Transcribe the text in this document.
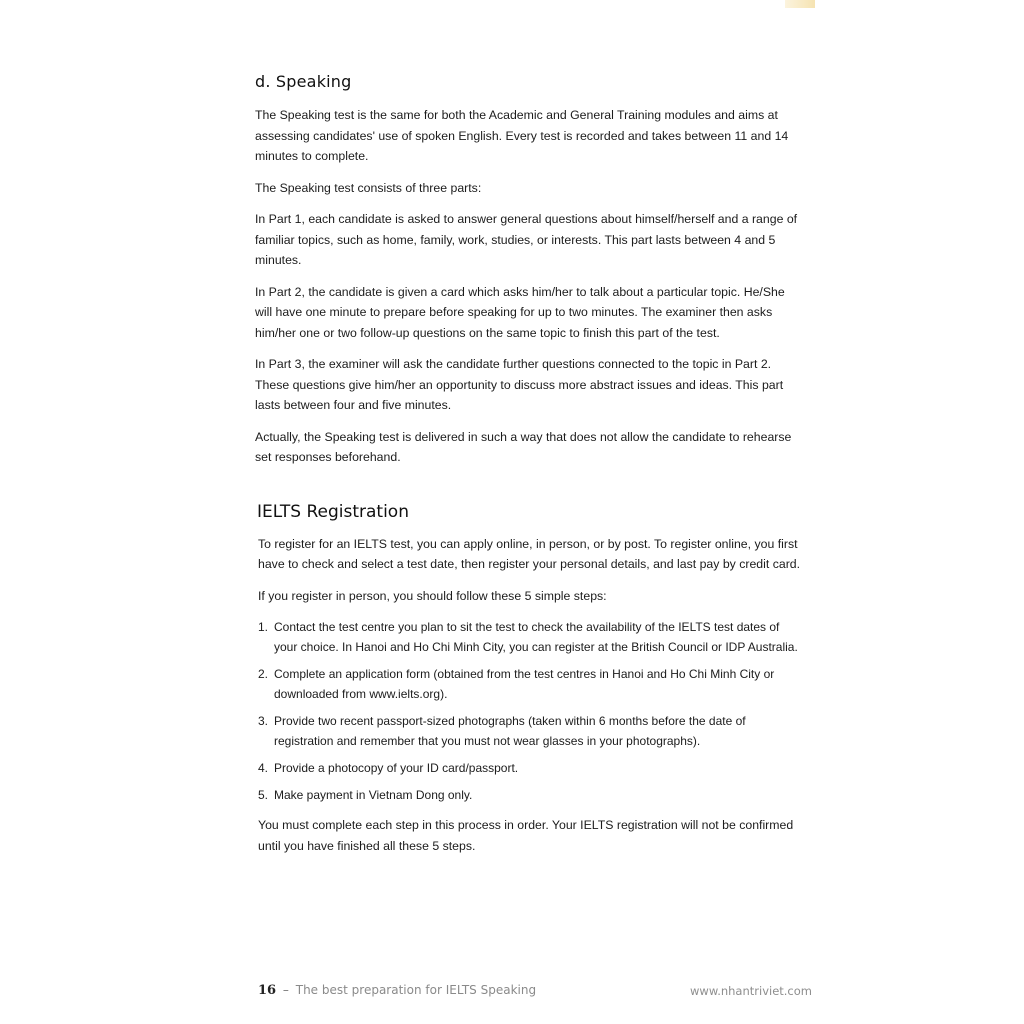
d. Speaking

The Speaking test is the same for both the Academic and General Training modules and aims at assessing candidates' use of spoken English. Every test is recorded and takes between 11 and 14 minutes to complete.

The Speaking test consists of three parts:

In Part 1, each candidate is asked to answer general questions about himself/herself and a range of familiar topics, such as home, family, work, studies, or interests. This part lasts between 4 and 5 minutes.

In Part 2, the candidate is given a card which asks him/her to talk about a particular topic. He/She will have one minute to prepare before speaking for up to two minutes. The examiner then asks him/her one or two follow-up questions on the same topic to finish this part of the test.

In Part 3, the examiner will ask the candidate further questions connected to the topic in Part 2. These questions give him/her an opportunity to discuss more abstract issues and ideas. This part lasts between four and five minutes.

Actually, the Speaking test is delivered in such a way that does not allow the candidate to rehearse set responses beforehand.

IELTS Registration

To register for an IELTS test, you can apply online, in person, or by post. To register online, you first have to check and select a test date, then register your personal details, and last pay by credit card.

If you register in person, you should follow these 5 simple steps:

1. Contact the test centre you plan to sit the test to check the availability of the IELTS test dates of your choice. In Hanoi and Ho Chi Minh City, you can register at the British Council or IDP Australia.
2. Complete an application form (obtained from the test centres in Hanoi and Ho Chi Minh City or downloaded from www.ielts.org).
3. Provide two recent passport-sized photographs (taken within 6 months before the date of registration and remember that you must not wear glasses in your photographs).
4. Provide a photocopy of your ID card/passport.
5. Make payment in Vietnam Dong only.

You must complete each step in this process in order. Your IELTS registration will not be confirmed until you have finished all these 5 steps.

16 – The best preparation for IELTS Speaking	www.nhantriviet.com
